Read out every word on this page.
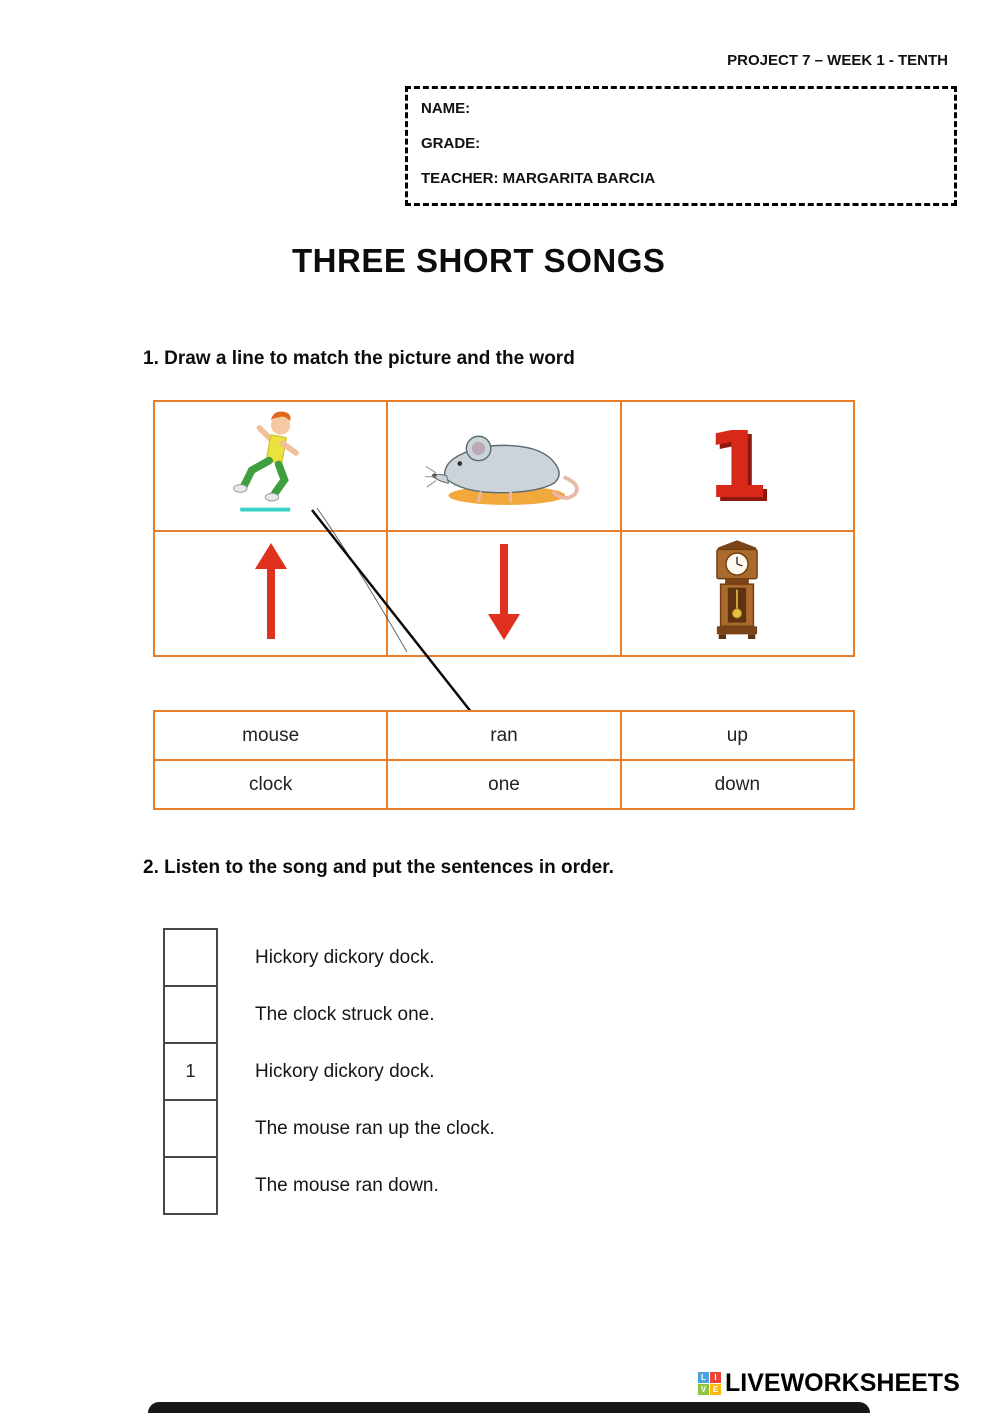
PROJECT 7 – WEEK 1 - TENTH
NAME:
GRADE:
TEACHER: MARGARITA BARCIA
THREE SHORT SONGS
1. Draw a line to match the picture and the word
1
mouse	ran	up
clock	one	down
2. Listen to the song and put the sentences in order.
Hickory dickory dock.
The clock struck one.
1	Hickory dickory dock.
The mouse ran up the clock.
The mouse ran down.
L	I
V E LIVEWORKSHEETS
